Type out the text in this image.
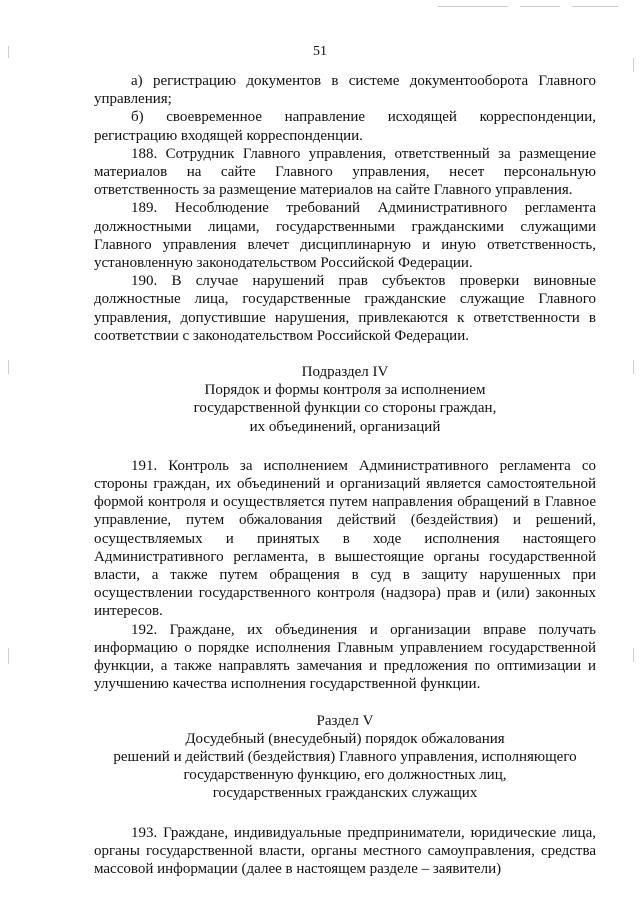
51

а) регистрацию документов в системе документооборота Главного управления;

б) своевременное направление исходящей корреспонденции, регистрацию входящей корреспонденции.

188. Сотрудник Главного управления, ответственный за размещение материалов на сайте Главного управления, несет персональную ответственность за размещение материалов на сайте Главного управления.

189. Несоблюдение требований Административного регламента должностными лицами, государственными гражданскими служащими Главного управления влечет дисциплинарную и иную ответственность, установленную законодательством Российской Федерации.

190. В случае нарушений прав субъектов проверки виновные должностные лица, государственные гражданские служащие Главного управления, допустившие нарушения, привлекаются к ответственности в соответствии с законодательством Российской Федерации.

Подраздел IV
Порядок и формы контроля за исполнением
государственной функции со стороны граждан,
их объединений, организаций

191. Контроль за исполнением Административного регламента со стороны граждан, их объединений и организаций является самостоятельной формой контроля и осуществляется путем направления обращений в Главное управление, путем обжалования действий (бездействия) и решений, осуществляемых и принятых в ходе исполнения настоящего Административного регламента, в вышестоящие органы государственной власти, а также путем обращения в суд в защиту нарушенных при осуществлении государственного контроля (надзора) прав и (или) законных интересов.

192. Граждане, их объединения и организации вправе получать информацию о порядке исполнения Главным управлением государственной функции, а также направлять замечания и предложения по оптимизации и улучшению качества исполнения государственной функции.

Раздел V
Досудебный (внесудебный) порядок обжалования
решений и действий (бездействия) Главного управления, исполняющего
государственную функцию, его должностных лиц,
государственных гражданских служащих

193. Граждане, индивидуальные предприниматели, юридические лица, органы государственной власти, органы местного самоуправления, средства массовой информации (далее в настоящем разделе – заявители)
